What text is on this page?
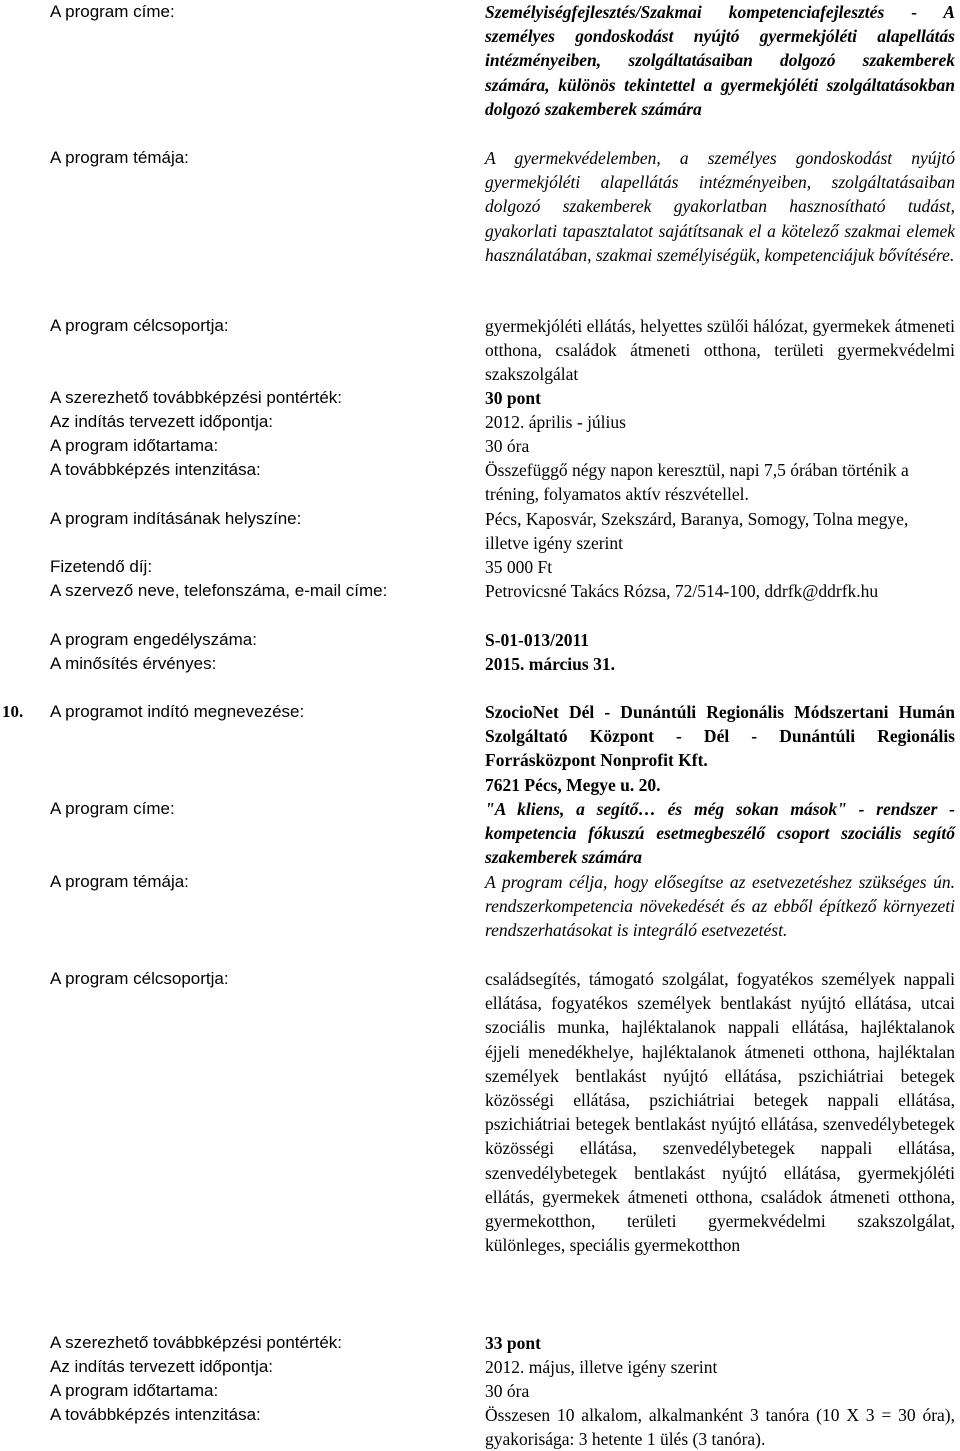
A program címe:	Személyiségfejlesztés/Szakmai kompetenciafejlesztés - A személyes gondoskodást nyújtó gyermekjóléti alapellátás intézményeiben, szolgáltatásaiban dolgozó szakemberek számára, különös tekintettel a gyermekjóléti szolgáltatásokban dolgozó szakemberek számára
A program témája:	A gyermekvédelemben, a személyes gondoskodást nyújtó gyermekjóléti alapellátás intézményeiben, szolgáltatásaiban dolgozó szakemberek gyakorlatban hasznosítható tudást, gyakorlati tapasztalatot sajátítsanak el a kötelező szakmai elemek használatában, szakmai személyiségük, kompetenciájuk bővítésére.
A program célcsoportja:	gyermekjóléti ellátás, helyettes szülői hálózat, gyermekek átmeneti otthona, családok átmeneti otthona, területi gyermekvédelmi szakszolgálat
A szerezhető továbbképzési pontérték:	30 pont
Az indítás tervezett időpontja:	2012. április - július
A program időtartama:	30 óra
A továbbképzés intenzitása:	Összefüggő négy napon keresztül, napi 7,5 órában történik a tréning, folyamatos aktív részvétellel.
A program indításának helyszíne:	Pécs, Kaposvár, Szekszárd, Baranya, Somogy, Tolna megye, illetve igény szerint
Fizetendő díj:	35 000 Ft
A szervező neve, telefonszáma, e-mail címe:	Petrovicsné Takács Rózsa, 72/514-100, ddrfk@ddrfk.hu
A program engedélyszáma:	S-01-013/2011
A minősítés érvényes:	2015. március 31.
10. A programot indító megnevezése:	SzocioNet Dél - Dunántúli Regionális Módszertani Humán Szolgáltató Központ - Dél - Dunántúli Regionális Forrásközpont Nonprofit Kft.
7621 Pécs, Megye u. 20.
A program címe:	"A kliens, a segítő… és még sokan mások" - rendszer - kompetencia fókuszú esetmegbeszélő csoport szociális segítő szakemberek számára
A program témája:	A program célja, hogy elősegítse az esetvezetéshez szükséges ún. rendszerkompetencia növekedését és az ebből építkező környezeti rendszerhatásokat is integráló esetvezetést.
A program célcsoportja:	családsegítés, támogató szolgálat, fogyatékos személyek nappali ellátása, fogyatékos személyek bentlakást nyújtó ellátása, utcai szociális munka, hajléktalanok nappali ellátása, hajléktalanok éjjeli menedékhelye, hajléktalanok átmeneti otthona, hajléktalan személyek bentlakást nyújtó ellátása, pszichiátriai betegek közösségi ellátása, pszichiátriai betegek nappali ellátása, pszichiátriai betegek bentlakást nyújtó ellátása, szenvedélybetegek közösségi ellátása, szenvedélybetegek nappali ellátása, szenvedélybetegek bentlakást nyújtó ellátása, gyermekjóléti ellátás, gyermekek átmeneti otthona, családok átmeneti otthona, gyermekotthon, területi gyermekvédelmi szakszolgálat, különleges, speciális gyermekotthon
A szerezhető továbbképzési pontérték:	33 pont
Az indítás tervezett időpontja:	2012. május, illetve igény szerint
A program időtartama:	30 óra
A továbbképzés intenzitása:	Összesen 10 alkalom, alkalmanként 3 tanóra (10 X 3 = 30 óra), gyakorisága: 3 hetente 1 ülés (3 tanóra).
